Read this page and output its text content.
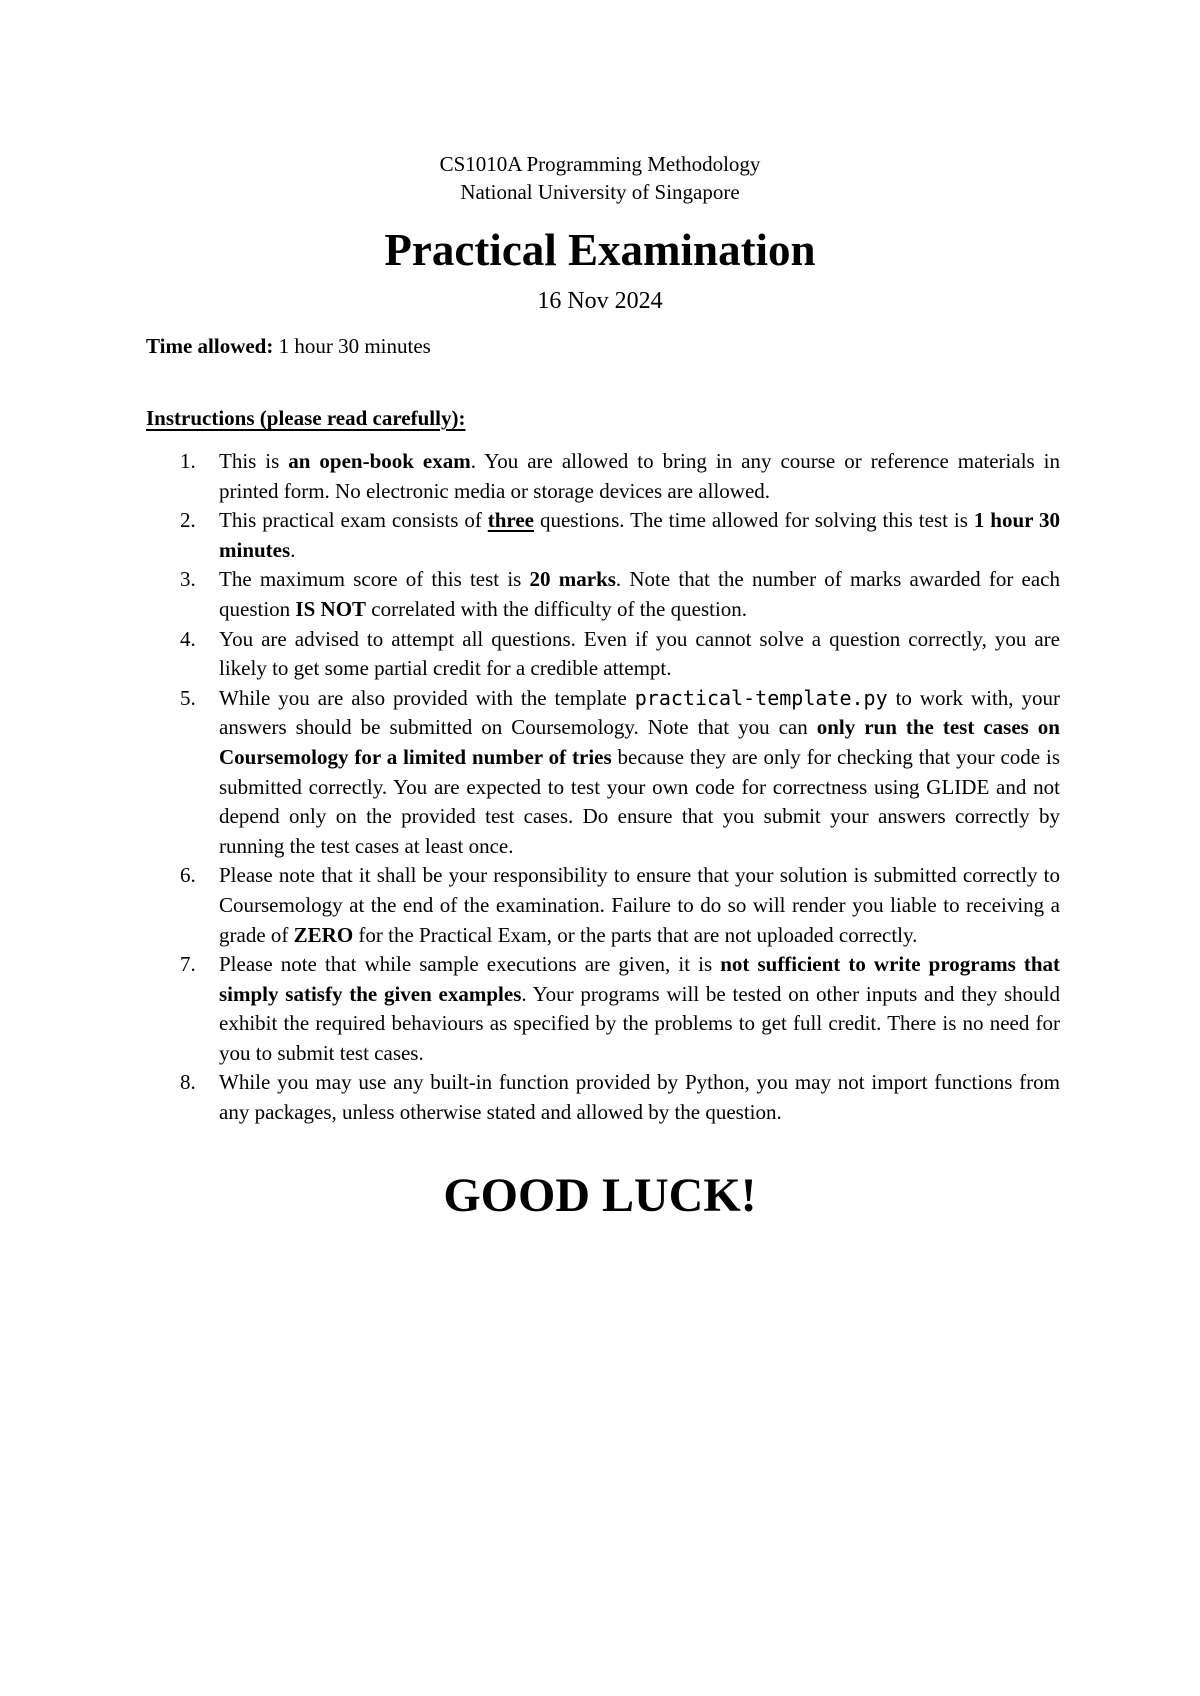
CS1010A Programming Methodology
National University of Singapore
Practical Examination
16 Nov 2024
Time allowed: 1 hour 30 minutes
Instructions (please read carefully):
1. This is an open-book exam. You are allowed to bring in any course or reference materials in printed form. No electronic media or storage devices are allowed.
2. This practical exam consists of three questions. The time allowed for solving this test is 1 hour 30 minutes.
3. The maximum score of this test is 20 marks. Note that the number of marks awarded for each question IS NOT correlated with the difficulty of the question.
4. You are advised to attempt all questions. Even if you cannot solve a question correctly, you are likely to get some partial credit for a credible attempt.
5. While you are also provided with the template practical-template.py to work with, your answers should be submitted on Coursemology. Note that you can only run the test cases on Coursemology for a limited number of tries because they are only for checking that your code is submitted correctly. You are expected to test your own code for correctness using GLIDE and not depend only on the provided test cases. Do ensure that you submit your answers correctly by running the test cases at least once.
6. Please note that it shall be your responsibility to ensure that your solution is submitted correctly to Coursemology at the end of the examination. Failure to do so will render you liable to receiving a grade of ZERO for the Practical Exam, or the parts that are not uploaded correctly.
7. Please note that while sample executions are given, it is not sufficient to write programs that simply satisfy the given examples. Your programs will be tested on other inputs and they should exhibit the required behaviours as specified by the problems to get full credit. There is no need for you to submit test cases.
8. While you may use any built-in function provided by Python, you may not import functions from any packages, unless otherwise stated and allowed by the question.
GOOD LUCK!
